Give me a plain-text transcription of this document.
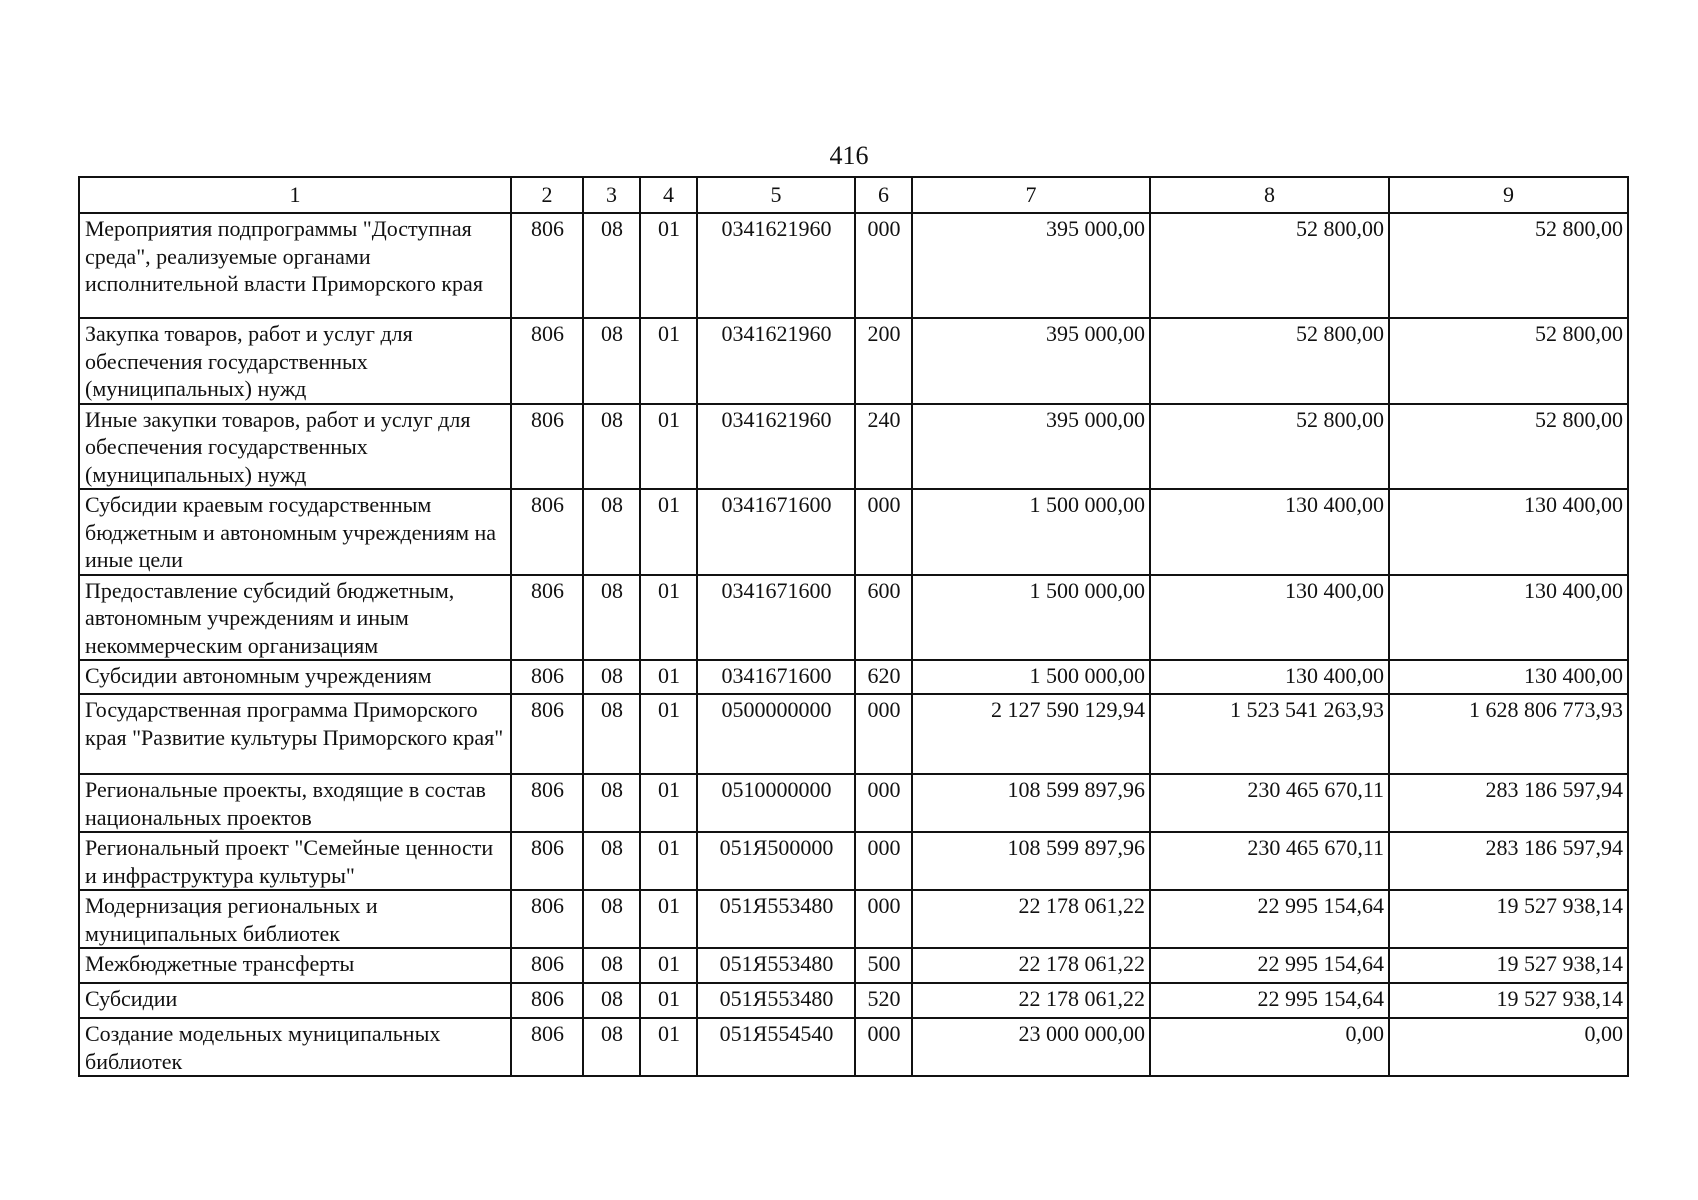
416
1	2	3	4	5	6	7	8	9
Мероприятия подпрограммы "Доступная среда", реализуемые органами исполнительной власти Приморского края	806	08	01	0341621960	000	395 000,00	52 800,00	52 800,00
Закупка товаров, работ и услуг для обеспечения государственных (муниципальных) нужд	806	08	01	0341621960	200	395 000,00	52 800,00	52 800,00
Иные закупки товаров, работ и услуг для обеспечения государственных (муниципальных) нужд	806	08	01	0341621960	240	395 000,00	52 800,00	52 800,00
Субсидии краевым государственным бюджетным и автономным учреждениям на иные цели	806	08	01	0341671600	000	1 500 000,00	130 400,00	130 400,00
Предоставление субсидий бюджетным, автономным учреждениям и иным некоммерческим организациям	806	08	01	0341671600	600	1 500 000,00	130 400,00	130 400,00
Субсидии автономным учреждениям	806	08	01	0341671600	620	1 500 000,00	130 400,00	130 400,00
Государственная программа Приморского края "Развитие культуры Приморского края"	806	08	01	0500000000	000	2 127 590 129,94	1 523 541 263,93	1 628 806 773,93
Региональные проекты, входящие в состав национальных проектов	806	08	01	0510000000	000	108 599 897,96	230 465 670,11	283 186 597,94
Региональный проект "Семейные ценности и инфраструктура культуры"	806	08	01	051Я500000	000	108 599 897,96	230 465 670,11	283 186 597,94
Модернизация региональных и муниципальных библиотек	806	08	01	051Я553480	000	22 178 061,22	22 995 154,64	19 527 938,14
Межбюджетные трансферты	806	08	01	051Я553480	500	22 178 061,22	22 995 154,64	19 527 938,14
Субсидии	806	08	01	051Я553480	520	22 178 061,22	22 995 154,64	19 527 938,14
Создание модельных муниципальных библиотек	806	08	01	051Я554540	000	23 000 000,00	0,00	0,00
